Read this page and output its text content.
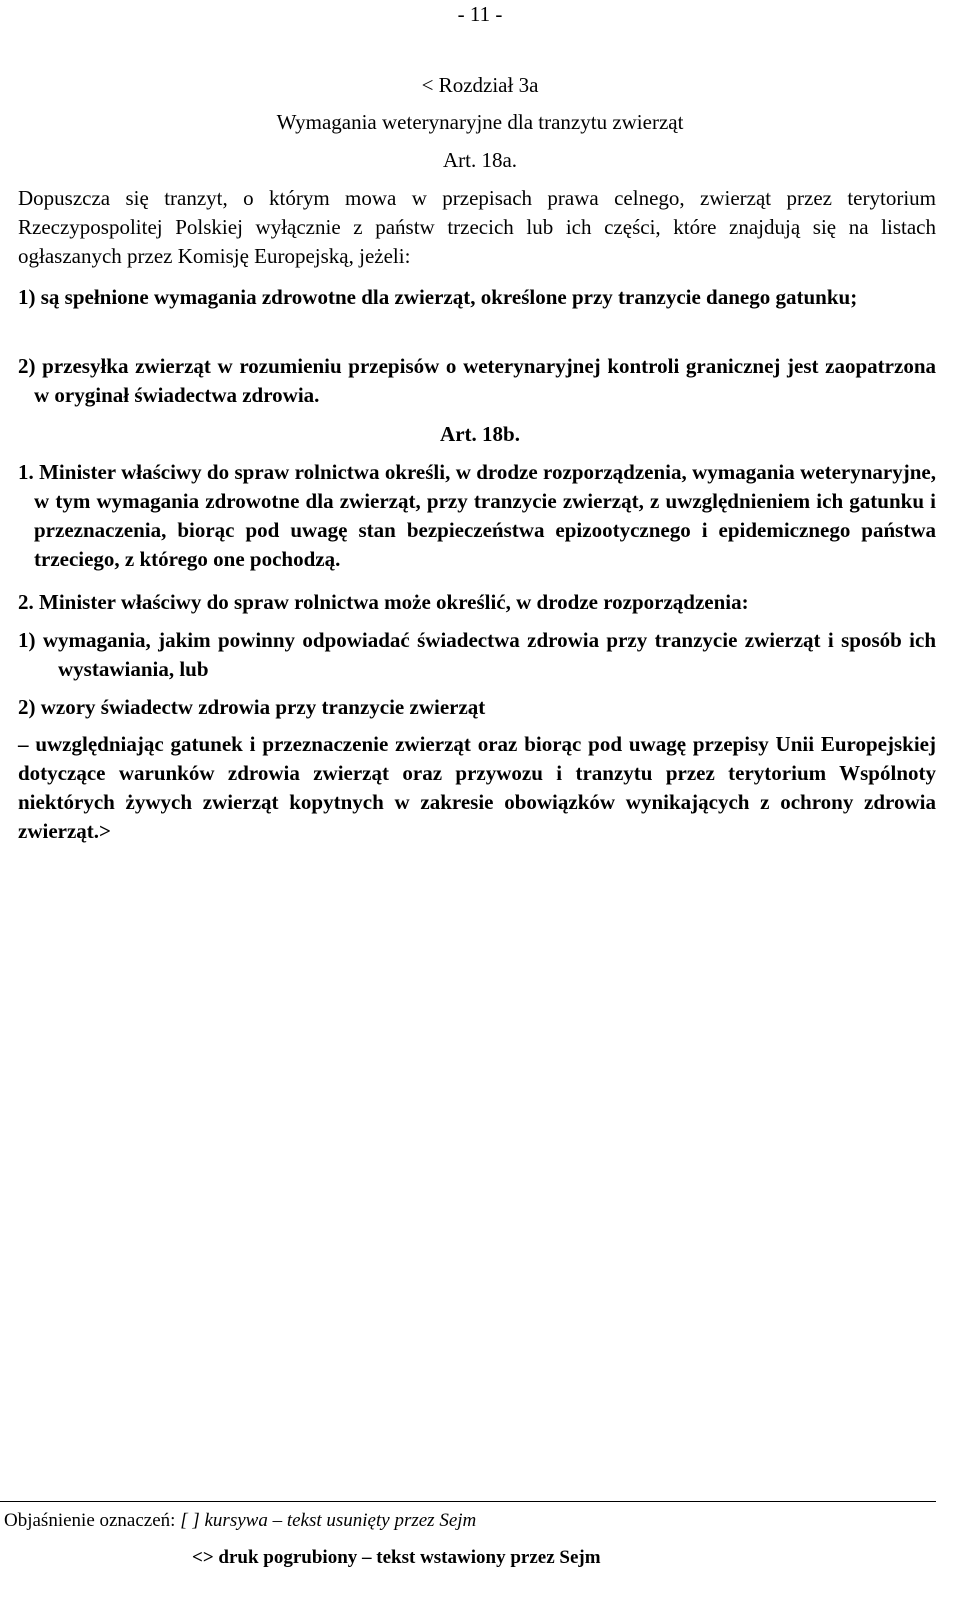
- 11 -
< Rozdział 3a
Wymagania weterynaryjne dla tranzytu zwierząt
Art. 18a.
Dopuszcza się tranzyt, o którym mowa w przepisach prawa celnego, zwierząt przez terytorium Rzeczypospolitej Polskiej wyłącznie z państw trzecich lub ich części, które znajdują się na listach ogłaszanych przez Komisję Europejską, jeżeli:
1) są spełnione wymagania zdrowotne dla zwierząt, określone przy tranzycie danego gatunku;
2) przesyłka zwierząt w rozumieniu przepisów o weterynaryjnej kontroli granicznej jest zaopatrzona w oryginał świadectwa zdrowia.
Art. 18b.
1. Minister właściwy do spraw rolnictwa określi, w drodze rozporządzenia, wymagania weterynaryjne, w tym wymagania zdrowotne dla zwierząt, przy tranzycie zwierząt, z uwzględnieniem ich gatunku i przeznaczenia, biorąc pod uwagę stan bezpieczeństwa epizootycznego i epidemicznego państwa trzeciego, z którego one pochodzą.
2. Minister właściwy do spraw rolnictwa może określić, w drodze rozporządzenia:
1) wymagania, jakim powinny odpowiadać świadectwa zdrowia przy tranzycie zwierząt i sposób ich wystawiania, lub
2) wzory świadectw zdrowia przy tranzycie zwierząt
– uwzględniając gatunek i przeznaczenie zwierząt oraz biorąc pod uwagę przepisy Unii Europejskiej dotyczące warunków zdrowia zwierząt oraz przywozu i tranzytu przez terytorium Wspólnoty niektórych żywych zwierząt kopytnych w zakresie obowiązków wynikających z ochrony zdrowia zwierząt.>
Objaśnienie oznaczeń: [ ] kursywa – tekst usunięty przez Sejm
<> druk pogrubiony – tekst wstawiony przez Sejm
